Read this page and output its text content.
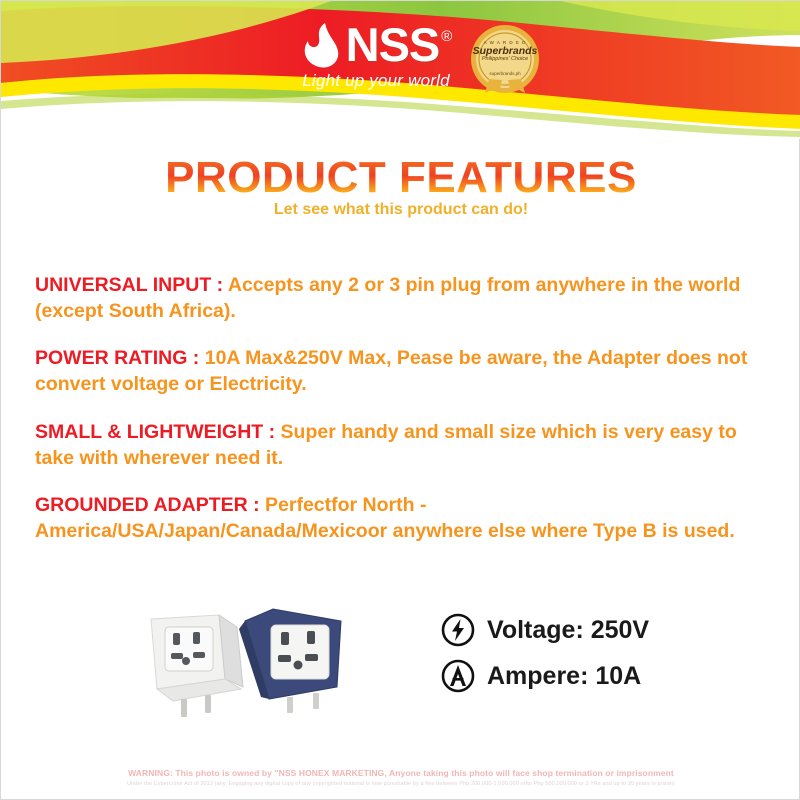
NSS ®
Light up your world
A W A R D E D
Superbrands
Philippines' Choice
superbrands.ph
PRODUCT FEATURES
Let see what this product can do!

UNIVERSAL INPUT : Accepts any 2 or 3 pin plug from anywhere in the world (except South Africa).

POWER RATING : 10A Max&250V Max, Pease be aware, the Adapter does not convert voltage or Electricity.

SMALL & LIGHTWEIGHT : Super handy and small size which is very easy to take with wherever need it.

GROUNDED ADAPTER : Perfectfor North - America/USA/Japan/Canada/Mexicoor anywhere else where Type B is used.

Voltage: 250V
Ampere: 10A
WARNING: This photo is owned by ″NSS HONEX MARKETING, Anyone taking this photo will face shop termination or imprisonment
Under the Cybercrime Act of 2012 (any, Engaging any digital copy of any copyrighted material is now punishable by a fine between Php 200,000-1,000,000 or/to Php 500,000,000 or 3 YRs and up to 20 years in prison)
